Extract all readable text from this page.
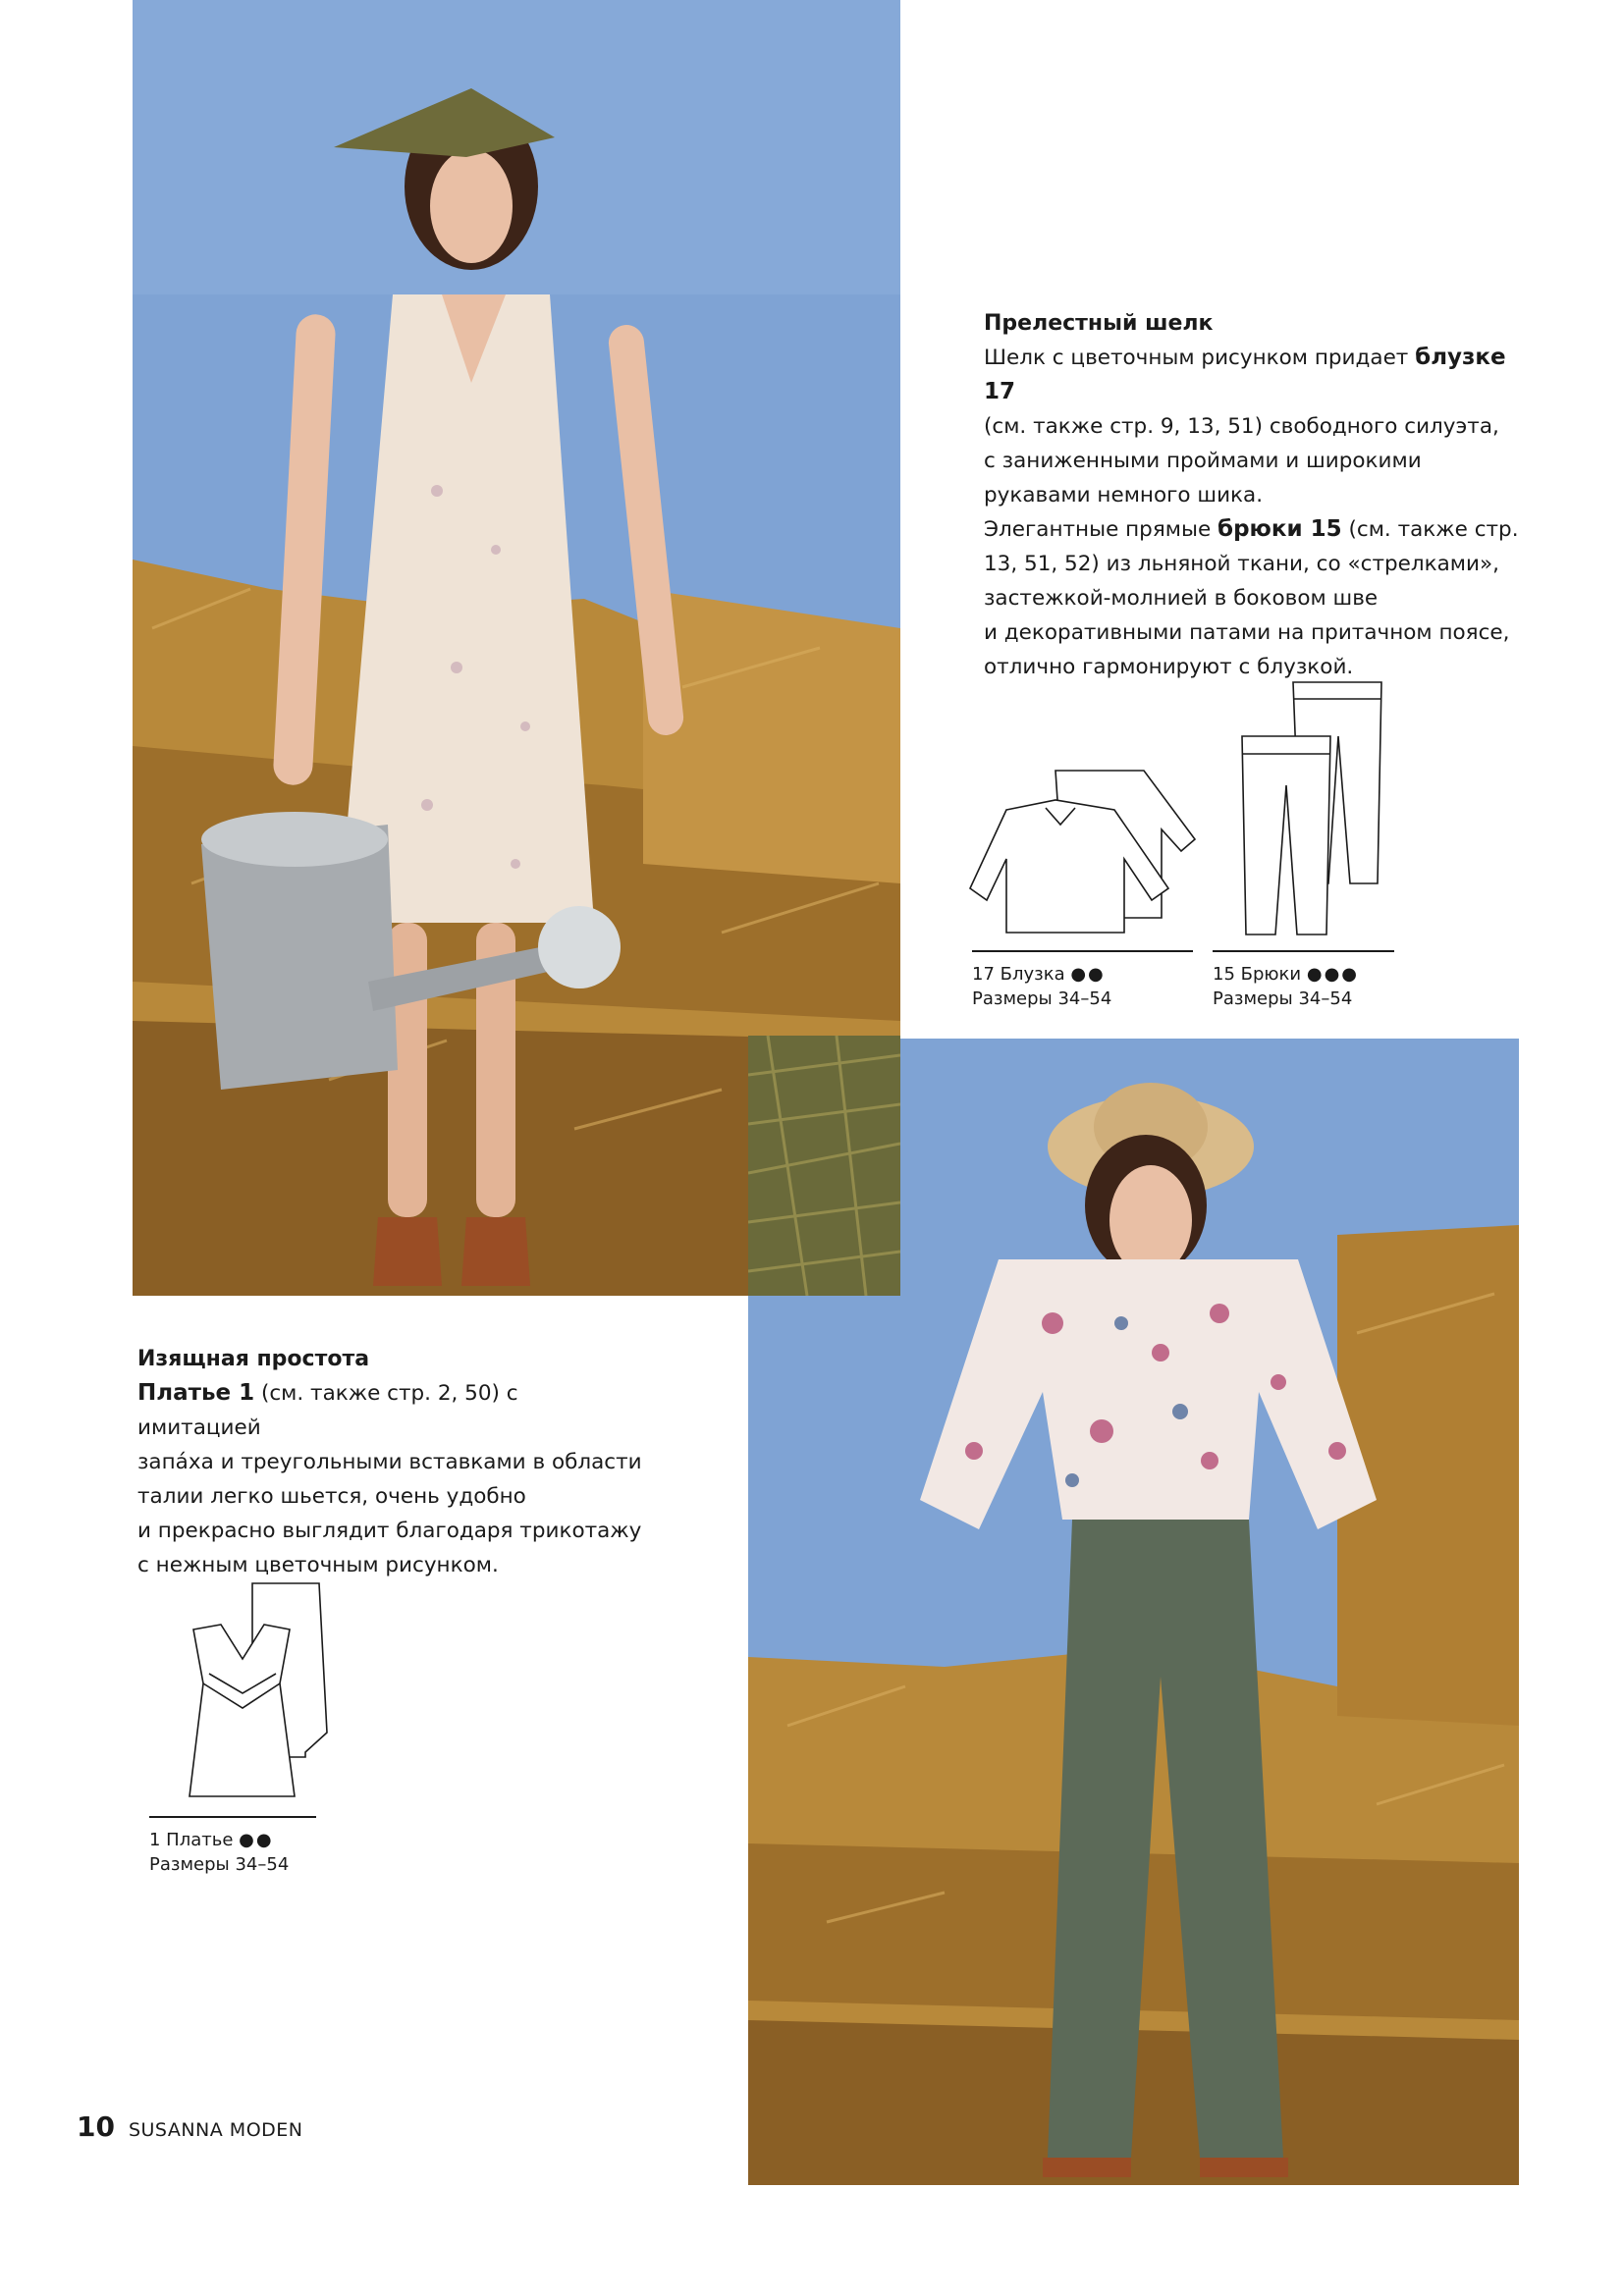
Прелестный шелк

Шелк с цветочным рисунком придает блузке 17

(см. также стр. 9, 13, 51) свободного силуэта,

с заниженными проймами и широкими

рукавами немного шика.

Элегантные прямые брюки 15 (см. также стр.

13, 51, 52) из льняной ткани, со «стрелками»,

застежкой-молнией в боковом шве

и декоративными патами на притачном поясе,

отлично гармонируют с блузкой.

17 Блузка ●●
Размеры 34–54
15 Брюки ●●●
Размеры 34–54

Изящная простота

Платье 1 (см. также стр. 2, 50) с имитацией

запáха и треугольными вставками в области

талии легко шьется, очень удобно

и прекрасно выглядит благодаря трикотажу

с нежным цветочным рисунком.

1 Платье ●●
Размеры 34–54
10 SUSANNA MODEN
